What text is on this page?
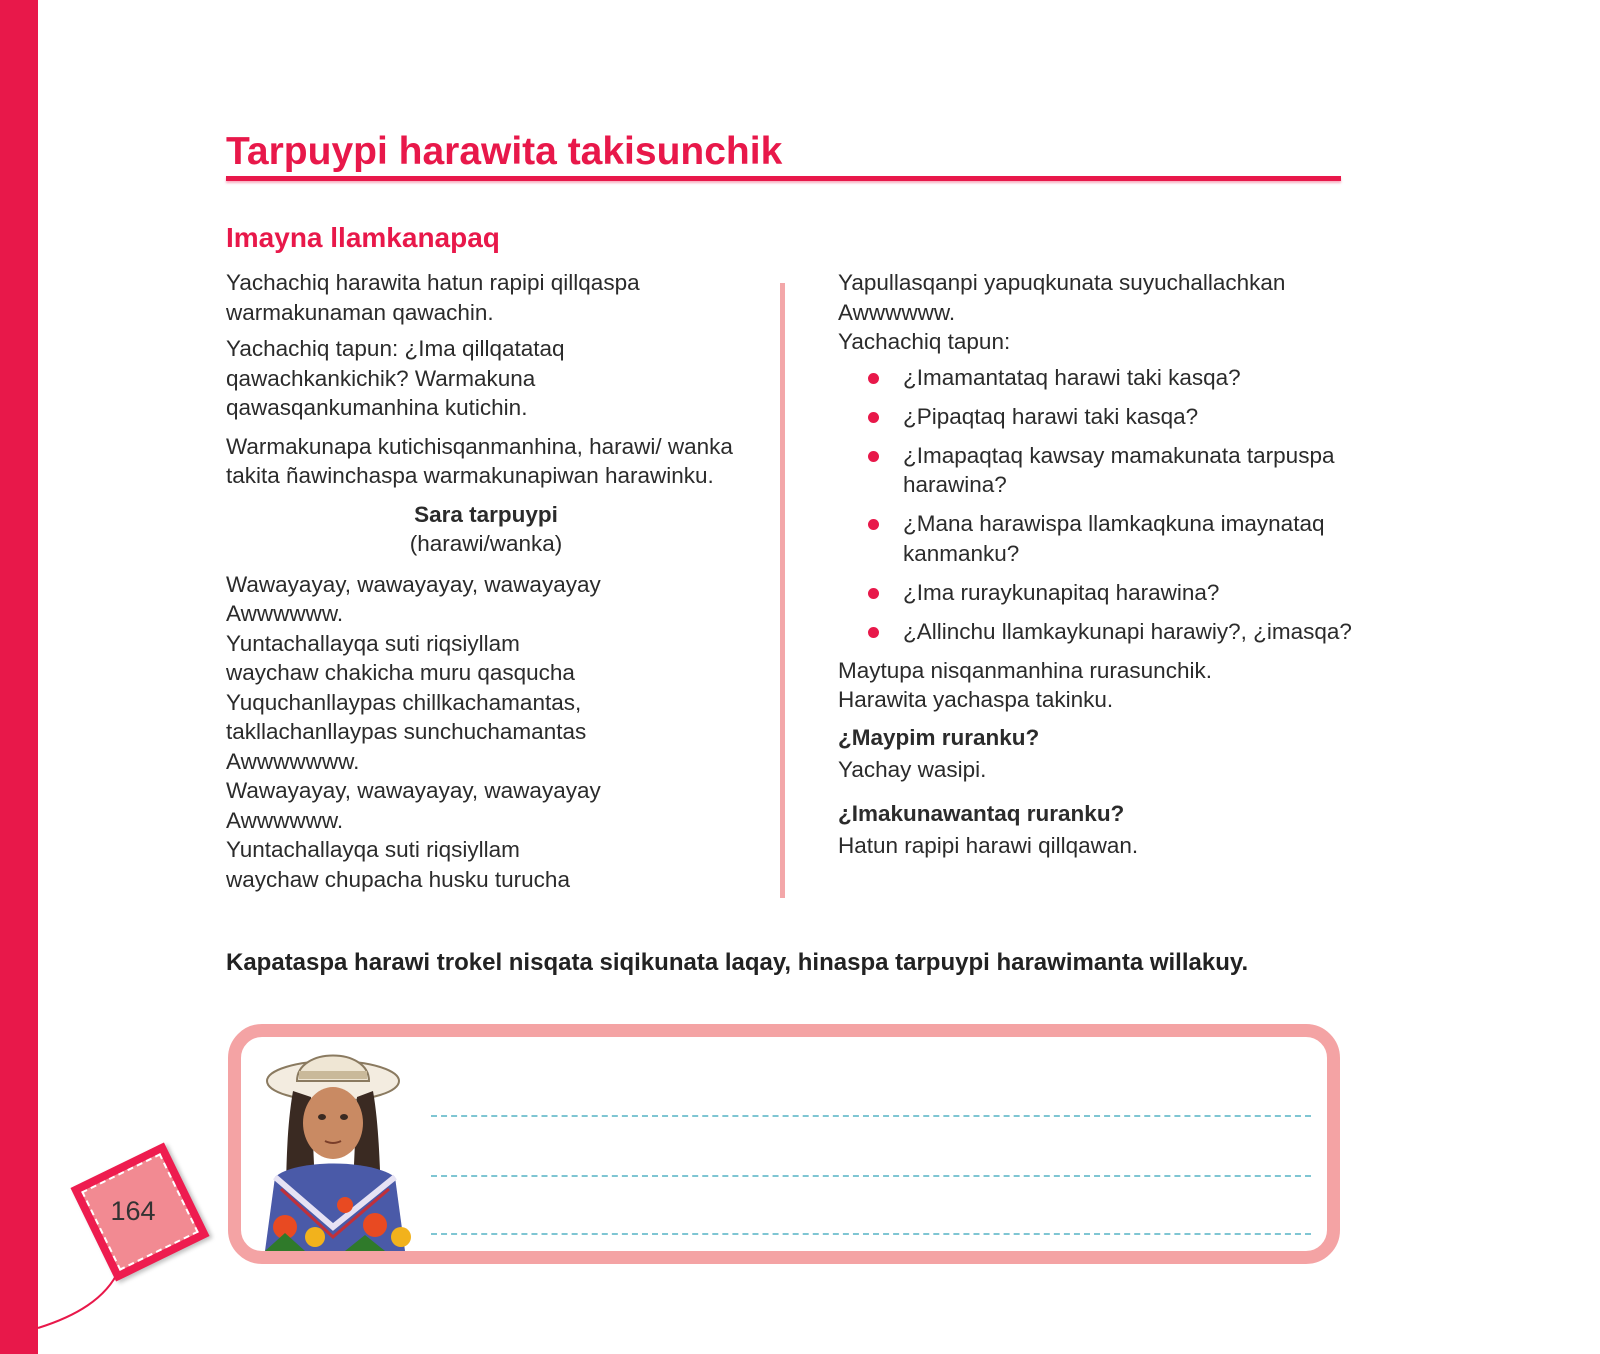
164
Tarpuypi harawita takisunchik
Imayna llamkanapaq

Yachachiq harawita hatun rapipi qillqaspa warmakunaman qawachin.

Yachachiq tapun: ¿Ima qillqatataq qawachkankichik? Warmakuna qawasqankumanhina kutichin.

Warmakunapa kutichisqanmanhina, harawi/ wanka takita ñawinchaspa warmakunapiwan harawinku.

Sara tarpuypi
(harawi/wanka)
Wawayayay, wawayayay, wawayayay
Awwwwww.
Yuntachallayqa suti riqsiyllam
waychaw chakicha muru qasqucha
Yuquchanllaypas chillkachamantas,
takllachanllaypas sunchuchamantas
Awwwwwww.
Wawayayay, wawayayay, wawayayay
Awwwwww.
Yuntachallayqa suti riqsiyllam
waychaw chupacha husku turucha
Yapullasqanpi yapuqkunata suyuchallachkan
Awwwwww.
Yachachiq tapun:
¿Imamantataq harawi taki kasqa?
¿Pipaqtaq harawi taki kasqa?
¿Imapaqtaq kawsay mamakunata tarpuspa harawina?
¿Mana harawispa llamkaqkuna imaynataq kanmanku?
¿Ima ruraykunapitaq harawina?
¿Allinchu llamkaykunapi harawiy?, ¿imasqa?
Maytupa nisqanmanhina rurasunchik.
Harawita yachaspa takinku.
¿Maypim ruranku?
Yachay wasipi.
¿Imakunawantaq ruranku?
Hatun rapipi harawi qillqawan.

Kapataspa harawi trokel nisqata siqikunata laqay, hinaspa tarpuypi harawimanta willakuy.
